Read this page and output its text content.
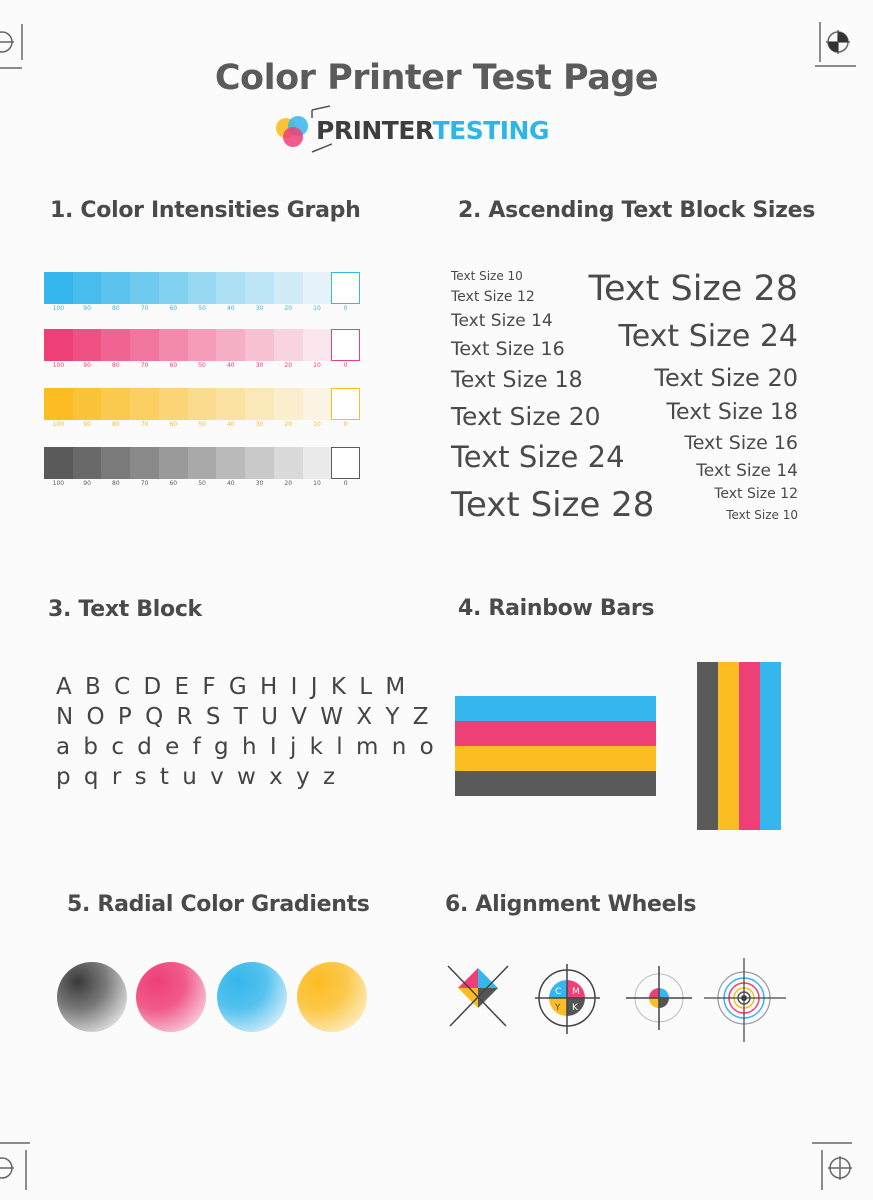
Color Printer Test Page
PRINTERTESTING
1. Color Intensities Graph	2. Ascending Text Block Sizes
3. Text Block	4. Rainbow Bars
5. Radial Color Gradients	6. Alignment Wheels
100	90	80	70	60	50	40	30	20	10	0
100	90	80	70	60	50	40	30	20	10	0
100	90	80	70	60	50	40	30	20	10	0
100	90	80	70	60	50	40	30	20	10	0
Text Size 10
Text Size 12
Text Size 14
Text Size 16
Text Size 18
Text Size 20
Text Size 24
Text Size 28
Text Size 28
Text Size 24
Text Size 20
Text Size 18
Text Size 16
Text Size 14
Text Size 12
Text Size 10
A B C D E F G H I J K L M
N O P Q R S T U V W X Y Z
a b c d e f g h I j k l m n o
p q r s t u v w x y z
C M
Y K
